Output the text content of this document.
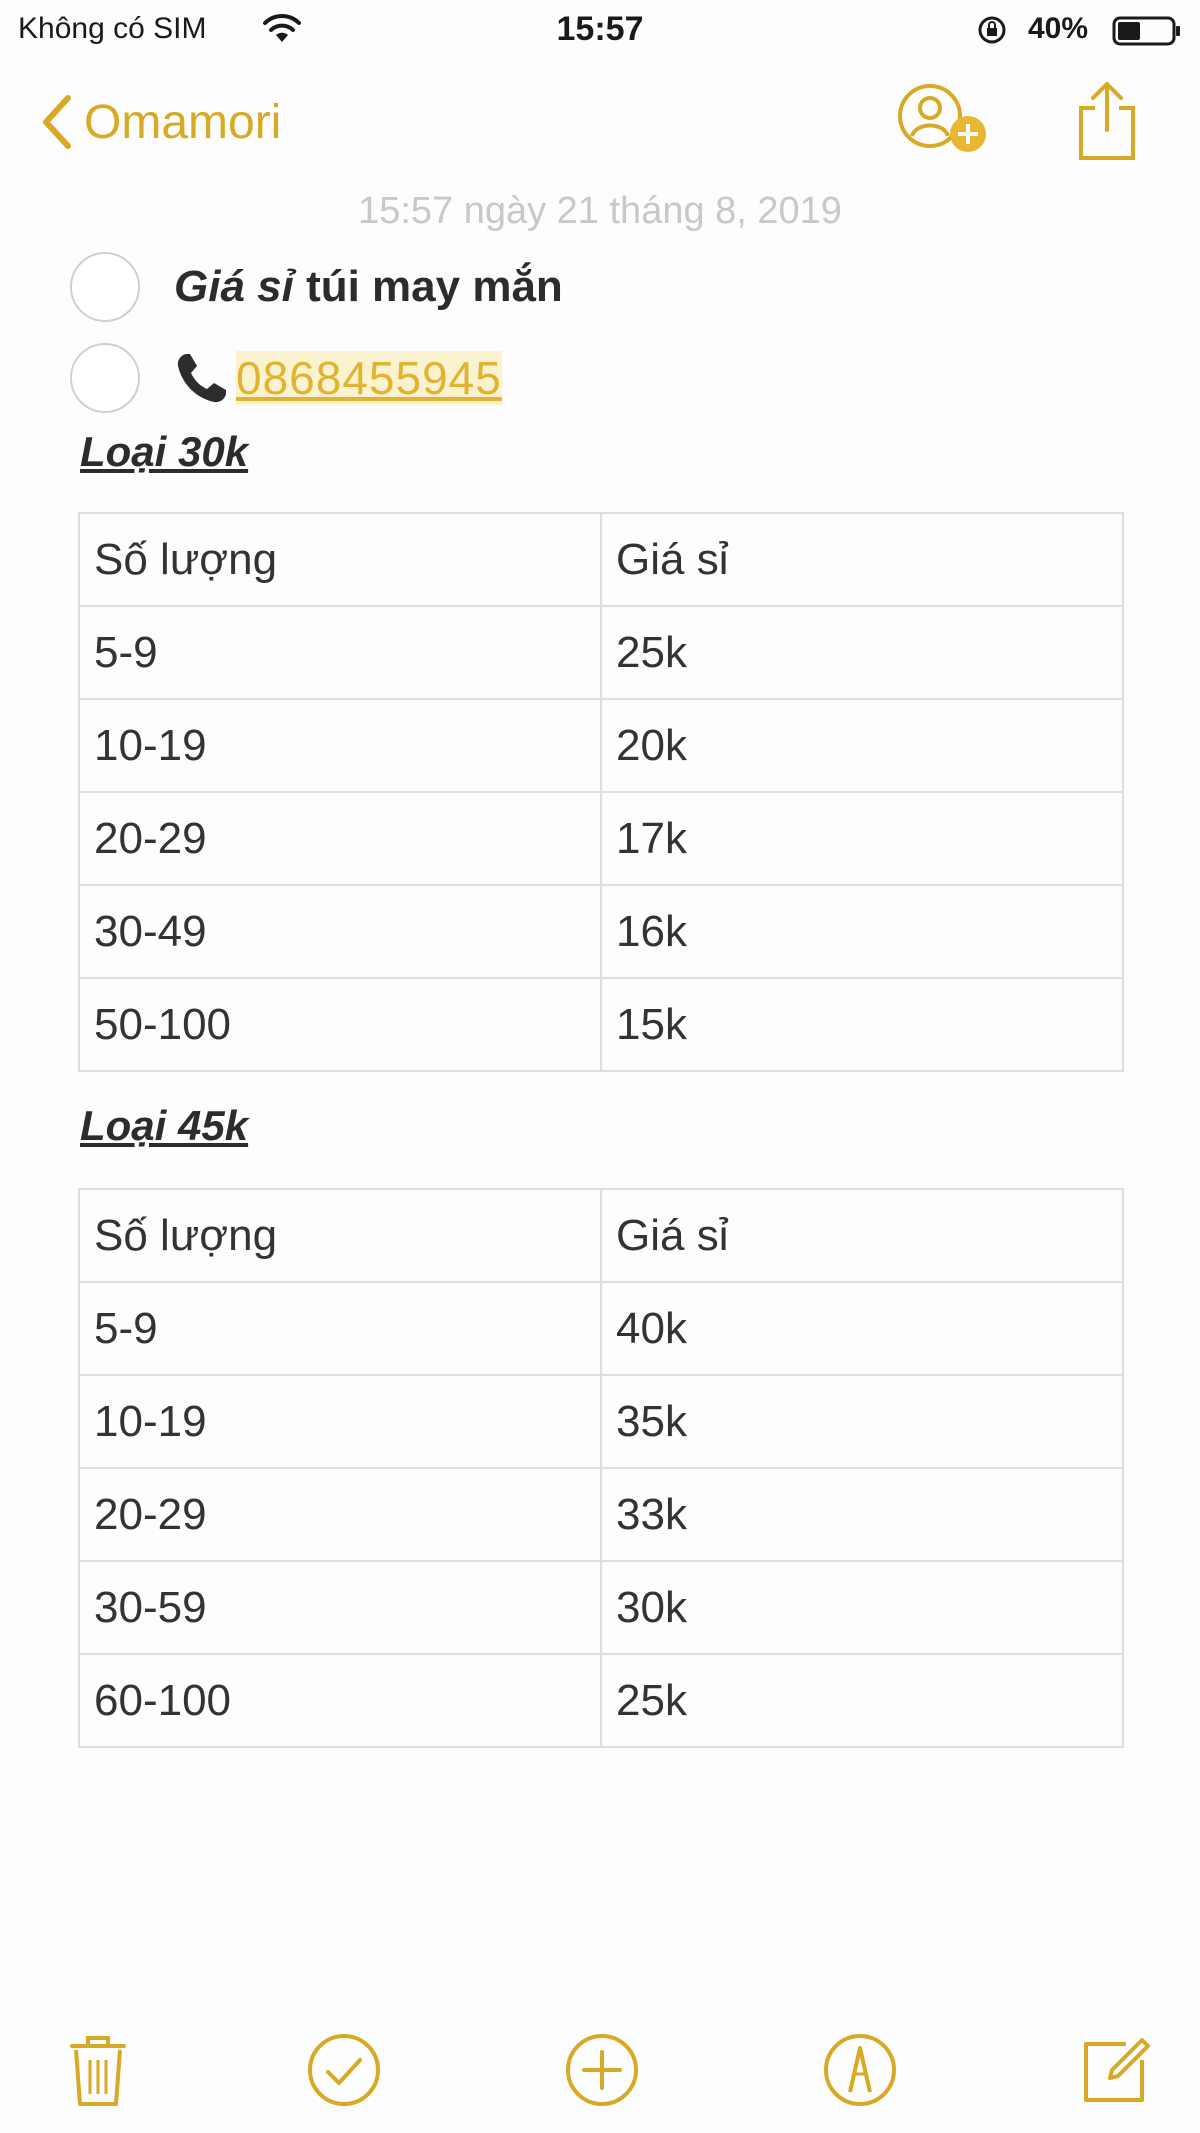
Không có SIM	15:57	40%
Omamori
15:57 ngày 21 tháng 8, 2019
Giá sỉ túi may mắn
0868455945
Loại 30k
Số lượng	Giá sỉ
5-9	25k
10-19	20k
20-29	17k
30-49	16k
50-100	15k
Loại 45k
Số lượng	Giá sỉ
5-9	40k
10-19	35k
20-29	33k
30-59	30k
60-100	25k
